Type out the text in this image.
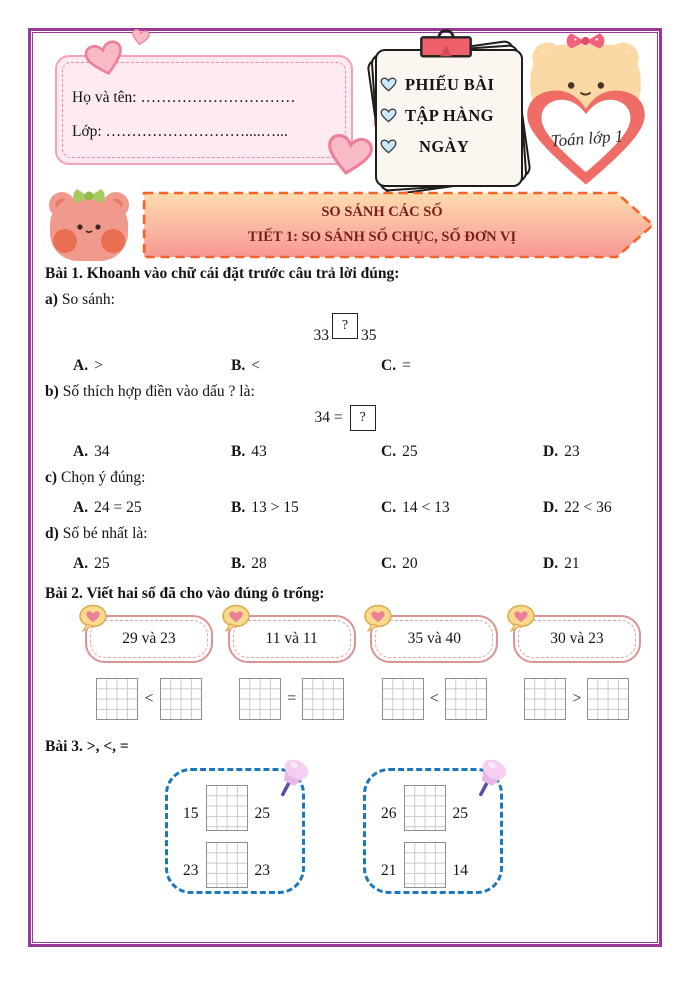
Họ và tên: …………………………
Lớp: ………………………....…...
PHIẾU BÀI
TẬP HÀNG
NGÀY	Toán lớp 1
SO SÁNH CÁC SỐ
TIẾT 1: SO SÁNH SỐ CHỤC, SỐ ĐƠN VỊ
Bài 1. Khoanh vào chữ cái đặt trước câu trả lời đúng:
a) So sánh:
33
?
35
A. >	B. <	C. =
b) Số thích hợp điền vào dấu ? là:
34 =	?
A. 34	B. 43	C. 25	D. 23
c) Chọn ý đúng:
A. 24 = 25	B. 13 > 15	C. 14 < 13	D. 22 < 36
d) Số bé nhất là:
A. 25	B. 28	C. 20	D. 21
Bài 2. Viết hai số đã cho vào đúng ô trống:
29 và 23
<
11 và 11
=
35 và 40
<
30 và 23
>
Bài 3. >, <, =
15	25
23	23
26	25
21	14
